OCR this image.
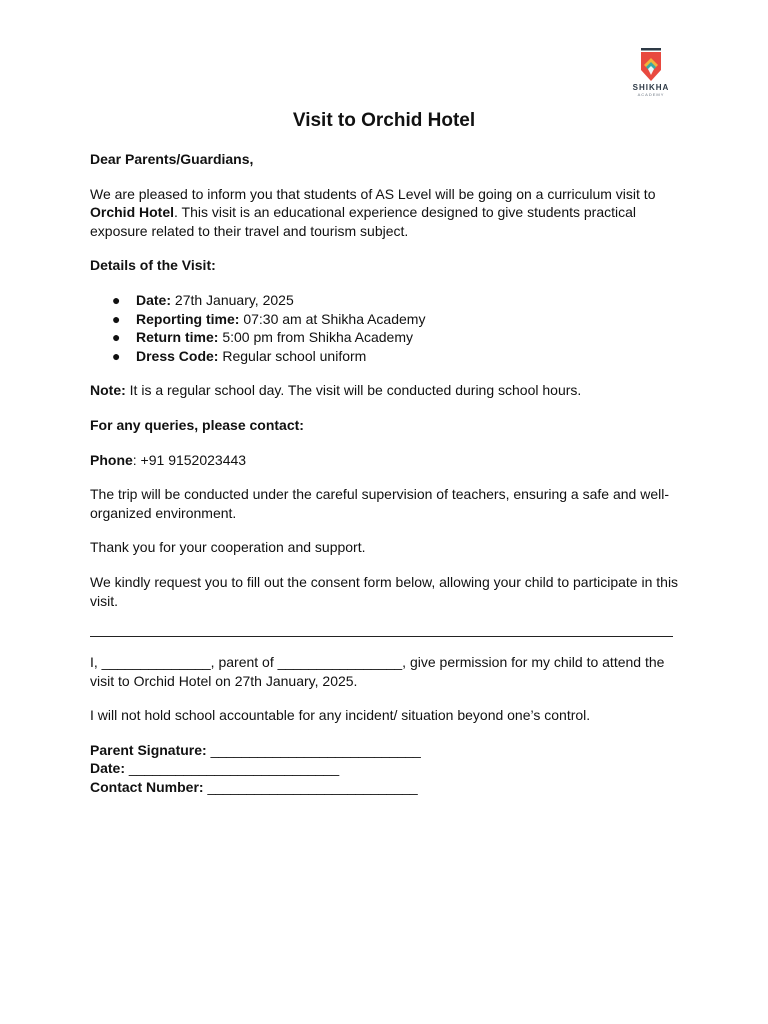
SHIKHA
ACADEMY
Visit to Orchid Hotel

Dear Parents/Guardians,

We are pleased to inform you that students of AS Level will be going on a curriculum visit to Orchid Hotel. This visit is an educational experience designed to give students practical exposure related to their travel and tourism subject.

Details of the Visit:

● Date: 27th January, 2025
● Reporting time: 07:30 am at Shikha Academy
● Return time: 5:00 pm from Shikha Academy
● Dress Code: Regular school uniform

Note: It is a regular school day. The visit will be conducted during school hours.

For any queries, please contact:

Phone: +91 9152023443

The trip will be conducted under the careful supervision of teachers, ensuring a safe and well-organized environment.

Thank you for your cooperation and support.

We kindly request you to fill out the consent form below, allowing your child to participate in this visit.

I, ______________, parent of ________________, give permission for my child to attend the visit to Orchid Hotel on 27th January, 2025.

I will not hold school accountable for any incident/ situation beyond one’s control.

Parent Signature: ___________________________

Date: ___________________________

Contact Number: ___________________________
